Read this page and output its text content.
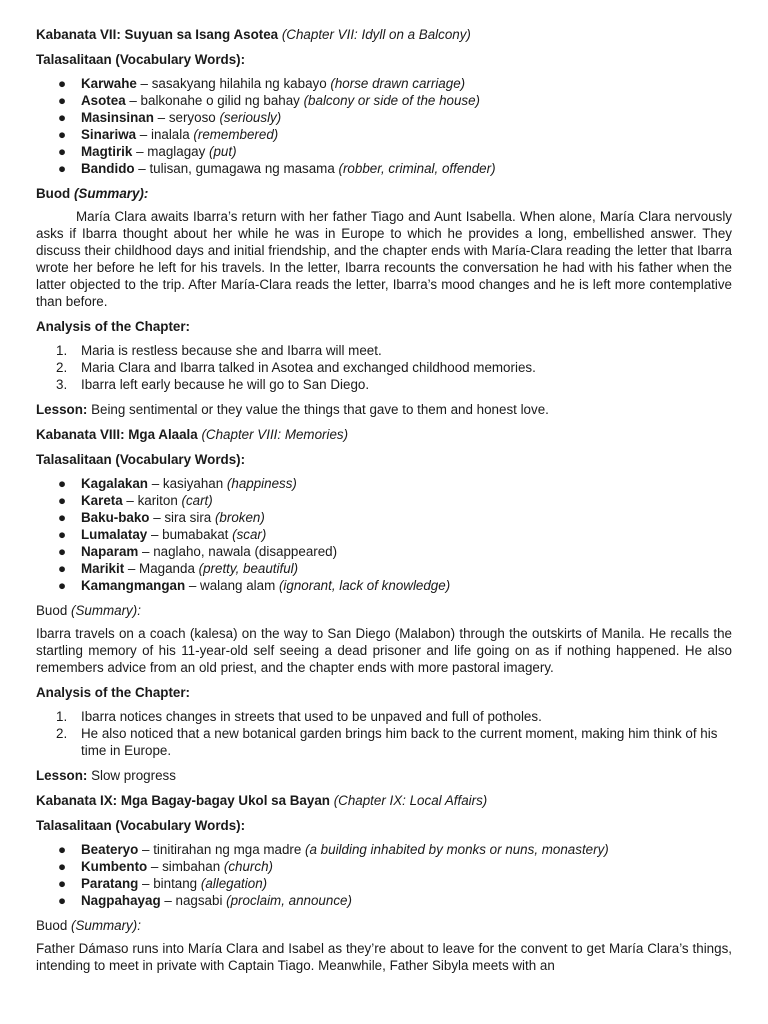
Kabanata VII: Suyuan sa Isang Asotea (Chapter VII: Idyll on a Balcony)

Talasalitaan (Vocabulary Words):

● Karwahe – sasakyang hilahila ng kabayo (horse drawn carriage)
● Asotea – balkonahe o gilid ng bahay (balcony or side of the house)
● Masinsinan – seryoso (seriously)
● Sinariwa – inalala (remembered)
● Magtirik – maglagay (put)
● Bandido – tulisan, gumagawa ng masama (robber, criminal, offender)

Buod (Summary):

María Clara awaits Ibarra’s return with her father Tiago and Aunt Isabella. When alone, María Clara nervously asks if Ibarra thought about her while he was in Europe to which he provides a long, embellished answer. They discuss their childhood days and initial friendship, and the chapter ends with María-Clara reading the letter that Ibarra wrote her before he left for his travels. In the letter, Ibarra recounts the conversation he had with his father when the latter objected to the trip. After María-Clara reads the letter, Ibarra’s mood changes and he is left more contemplative than before.

Analysis of the Chapter:

1. Maria is restless because she and Ibarra will meet.
2. Maria Clara and Ibarra talked in Asotea and exchanged childhood memories.
3. Ibarra left early because he will go to San Diego.

Lesson: Being sentimental or they value the things that gave to them and honest love.

Kabanata VIII: Mga Alaala (Chapter VIII: Memories)

Talasalitaan (Vocabulary Words):

● Kagalakan – kasiyahan (happiness)
● Kareta – kariton (cart)
● Baku-bako – sira sira (broken)
● Lumalatay – bumabakat (scar)
● Naparam – naglaho, nawala (disappeared)
● Marikit – Maganda (pretty, beautiful)
● Kamangmangan – walang alam (ignorant, lack of knowledge)

Buod (Summary):

Ibarra travels on a coach (kalesa) on the way to San Diego (Malabon) through the outskirts of Manila. He recalls the startling memory of his 11-year-old self seeing a dead prisoner and life going on as if nothing happened. He also remembers advice from an old priest, and the chapter ends with more pastoral imagery.

Analysis of the Chapter:

1. Ibarra notices changes in streets that used to be unpaved and full of potholes.
2. He also noticed that a new botanical garden brings him back to the current moment, making him think of his time in Europe.

Lesson: Slow progress

Kabanata IX: Mga Bagay-bagay Ukol sa Bayan (Chapter IX: Local Affairs)

Talasalitaan (Vocabulary Words):

● Beateryo – tinitirahan ng mga madre (a building inhabited by monks or nuns, monastery)
● Kumbento – simbahan (church)
● Paratang – bintang (allegation)
● Nagpahayag – nagsabi (proclaim, announce)

Buod (Summary):

Father Dámaso runs into María Clara and Isabel as they’re about to leave for the convent to get María Clara’s things, intending to meet in private with Captain Tiago. Meanwhile, Father Sibyla meets with an
